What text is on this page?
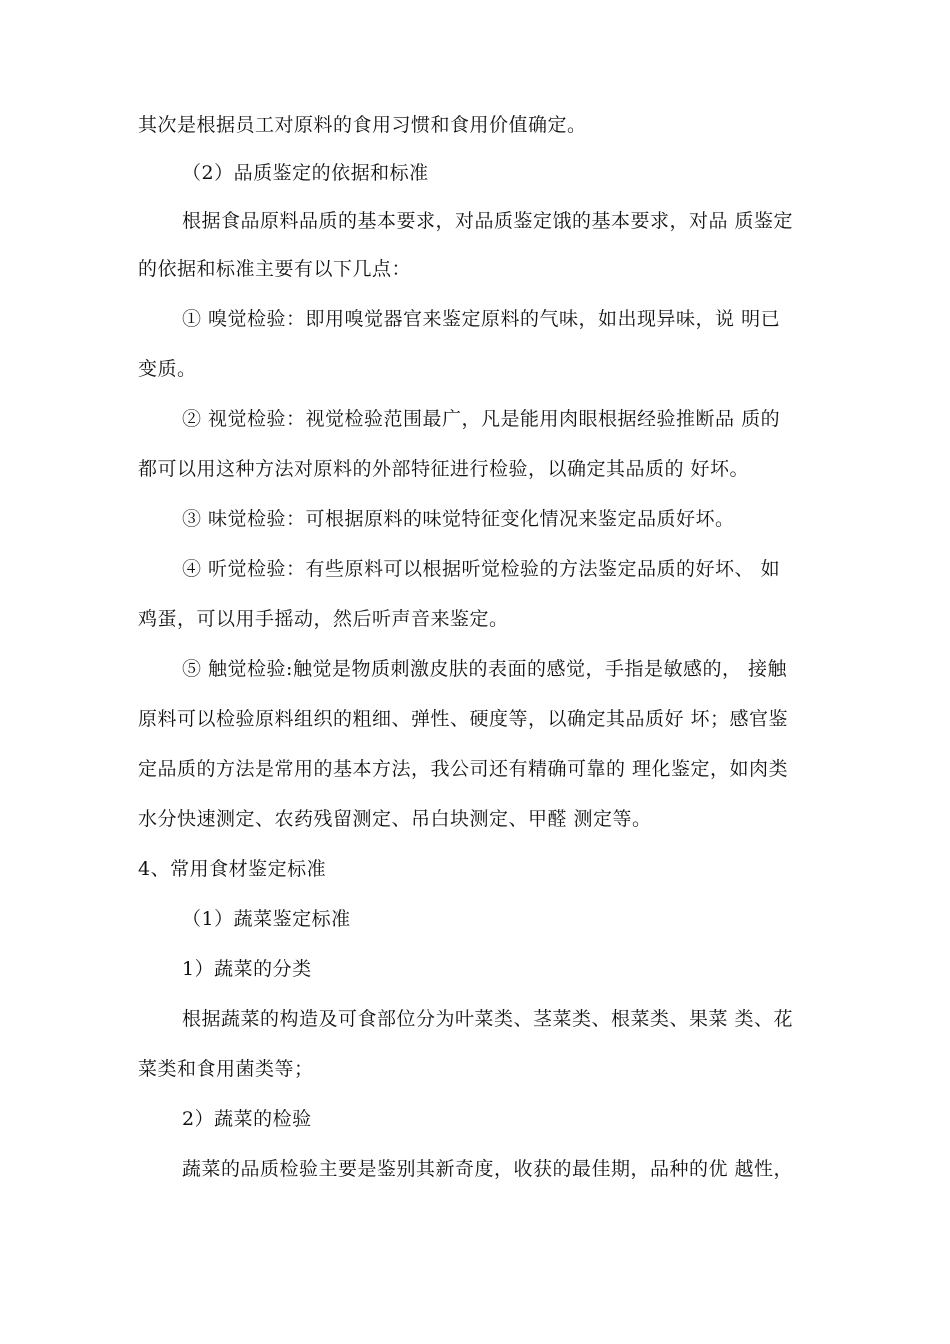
其次是根据员工对原料的食用习惯和食用价值确定。
（2）品质鉴定的依据和标准
根据食品原料品质的基本要求，对品质鉴定饿的基本要求，对品 质鉴定
的依据和标准主要有以下几点：
① 嗅觉检验：即用嗅觉器官来鉴定原料的气味，如出现异味，说 明已
变质。
② 视觉检验：视觉检验范围最广，凡是能用肉眼根据经验推断品 质的
都可以用这种方法对原料的外部特征进行检验，以确定其品质的 好坏。
③ 味觉检验：可根据原料的味觉特征变化情况来鉴定品质好坏。
④ 听觉检验：有些原料可以根据听觉检验的方法鉴定品质的好坏、 如
鸡蛋，可以用手摇动，然后听声音来鉴定。
⑤ 触觉检验:触觉是物质刺激皮肤的表面的感觉，手指是敏感的， 接触
原料可以检验原料组织的粗细、弹性、硬度等，以确定其品质好 坏；感官鉴
定品质的方法是常用的基本方法，我公司还有精确可靠的 理化鉴定，如肉类
水分快速测定、农药残留测定、吊白块测定、甲醛 测定等。
4、常用食材鉴定标准
（1）蔬菜鉴定标准
1）蔬菜的分类
根据蔬菜的构造及可食部位分为叶菜类、茎菜类、根菜类、果菜 类、花
菜类和食用菌类等；
2）蔬菜的检验
蔬菜的品质检验主要是鉴别其新奇度，收获的最佳期，品种的优 越性，
